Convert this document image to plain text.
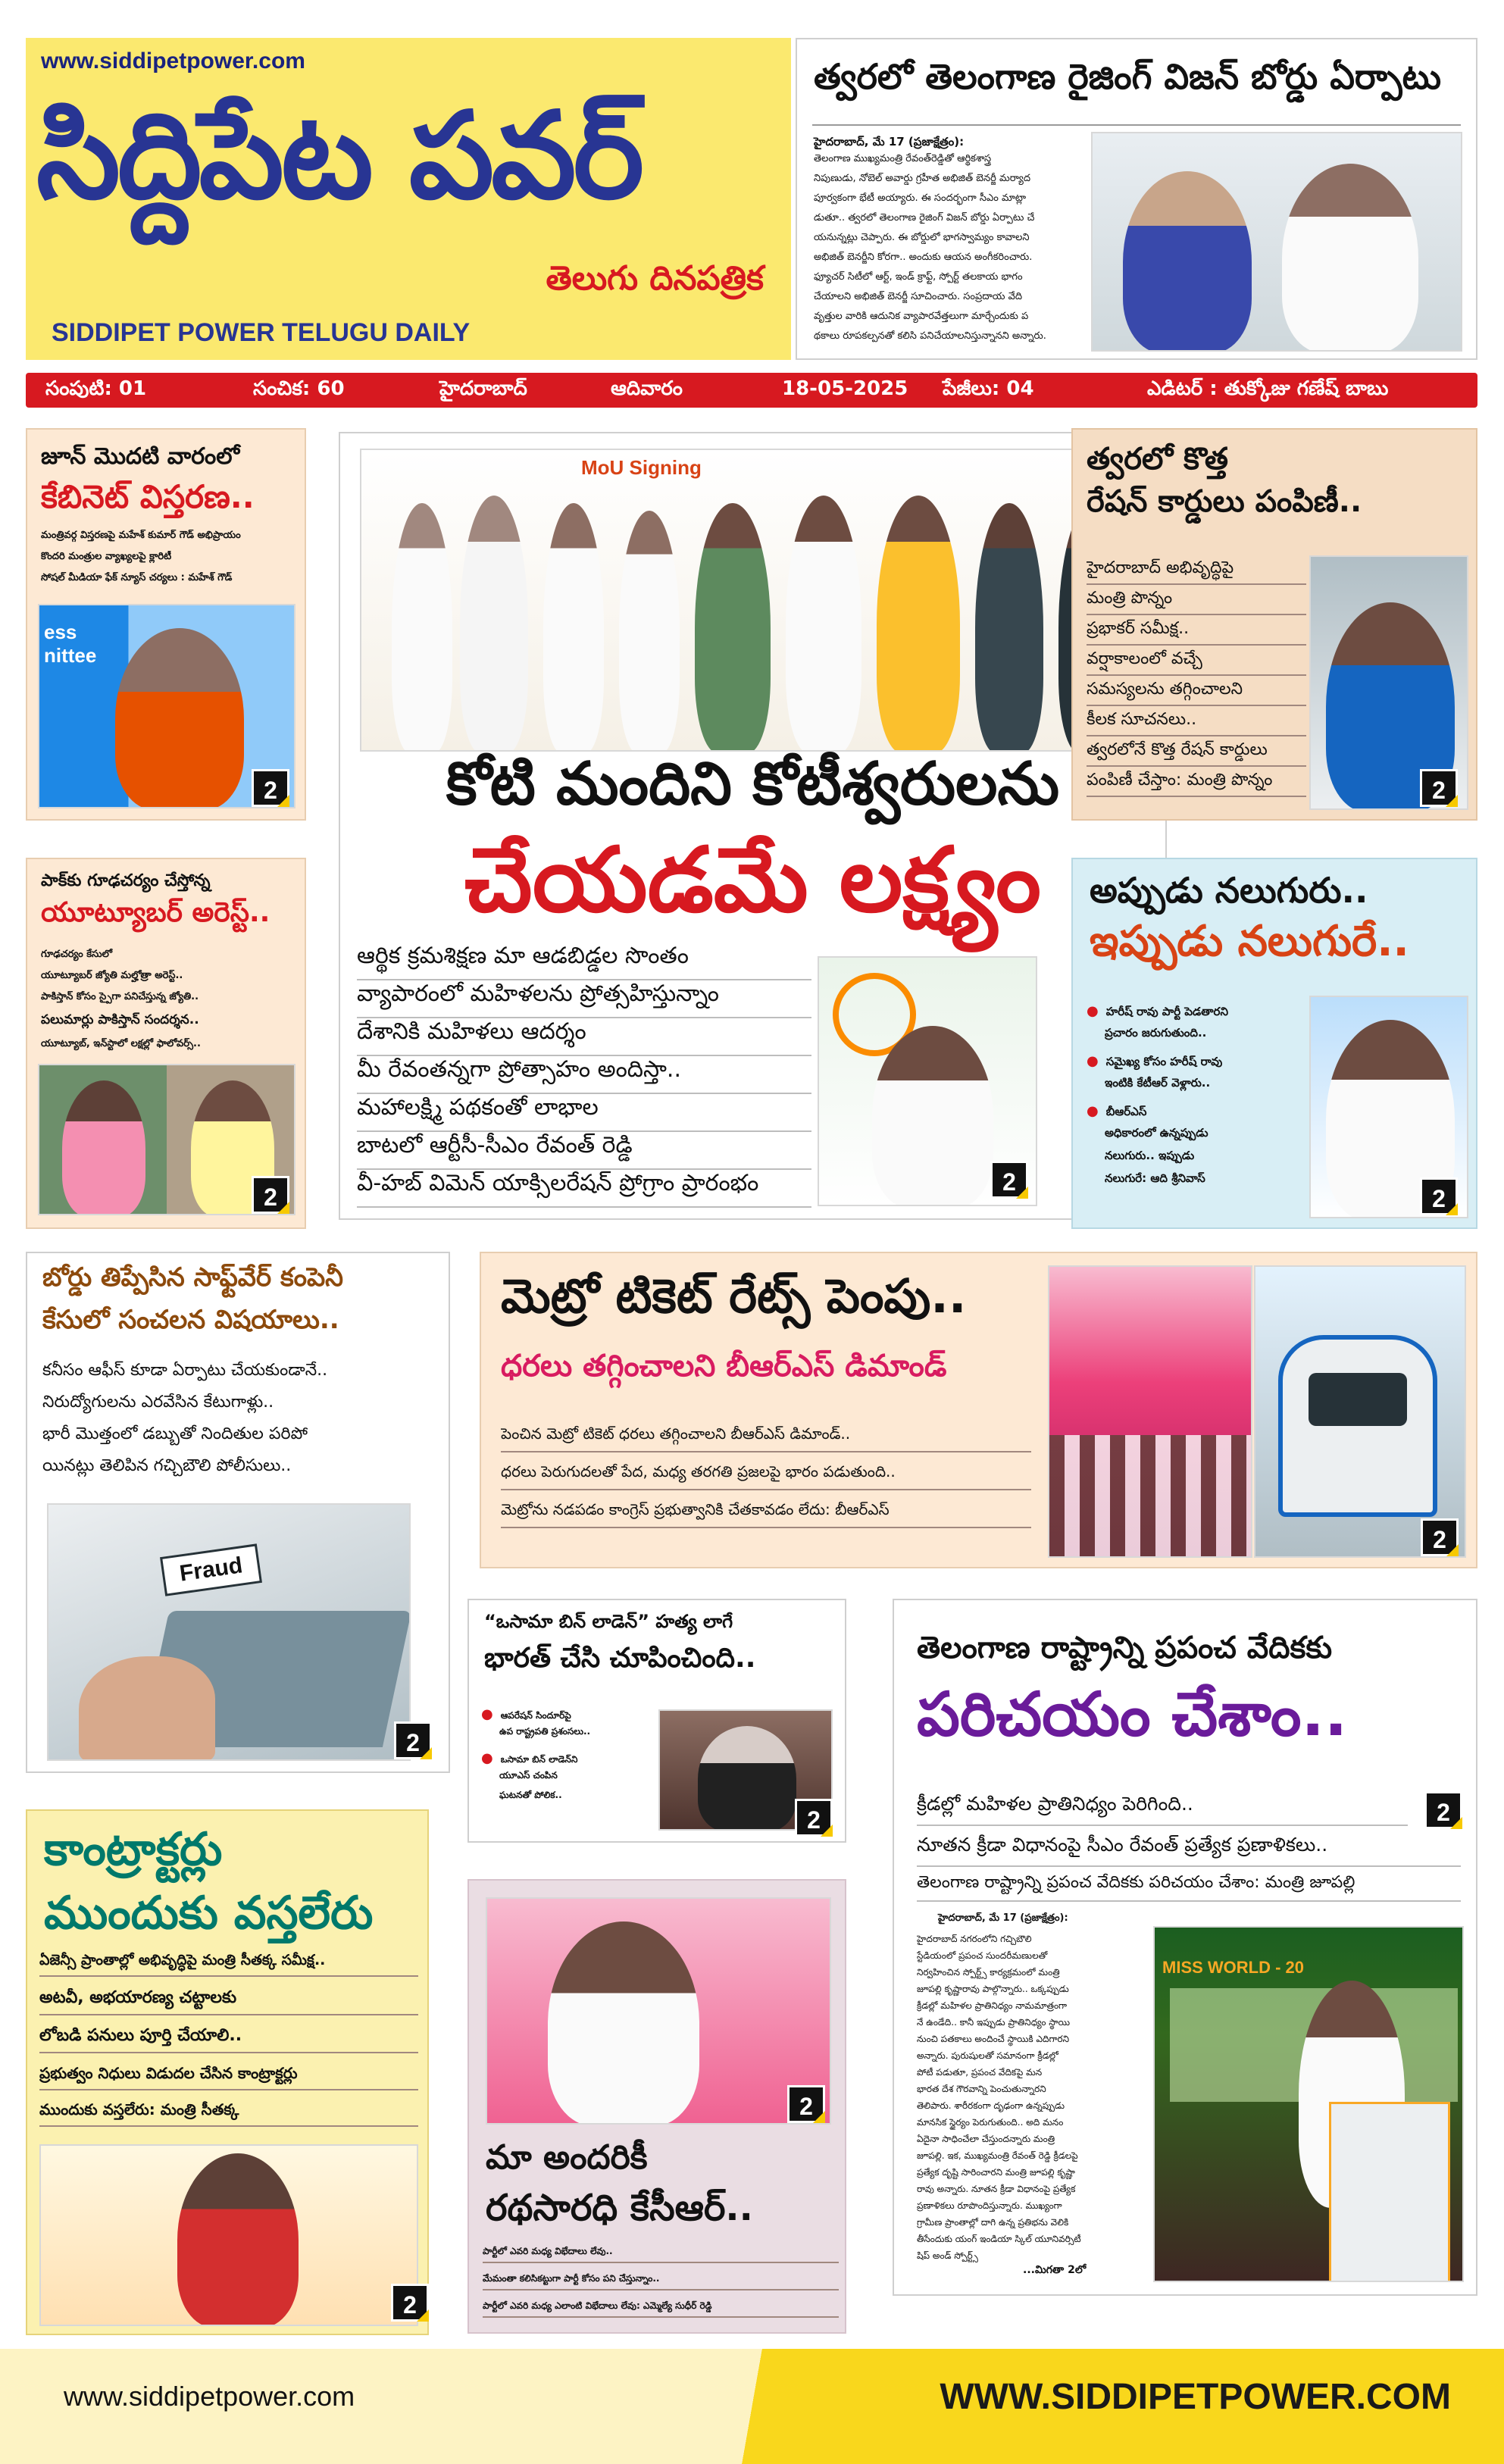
www.siddipetpower.com
సిద్దిపేట పవర్
తెలుగు దినపత్రిక
SIDDIPET POWER TELUGU DAILY
త్వరలో తెలంగాణ రైజింగ్ విజన్ బోర్డు ఏర్పాటు
హైదరాబాద్, మే 17 (ప్రజాక్షేత్రం):
తెలంగాణ ముఖ్యమంత్రి రేవంత్‌రెడ్డితో ఆర్థికశాస్త్ర
నిపుణుడు, నోబెల్ అవార్డు గ్రహీత అభిజిత్ బెనర్జీ మర్యాద
పూర్వకంగా భేటీ అయ్యారు. ఈ సందర్భంగా సీఎం మాట్లా
డుతూ.. త్వరలో తెలంగాణ రైజింగ్ విజన్ బోర్డు ఏర్పాటు చే
యనున్నట్లు చెప్పారు. ఈ బోర్డులో భాగస్వామ్యం కావాలని
అభిజిత్ బెనర్జీని కోరగా.. అందుకు ఆయన అంగీకరించారు.
ఫ్యూచర్ సిటీలో ఆర్ట్, ఇండ్ క్రాఫ్ట్, స్పోర్ట్ తలకాయ భాగం
చేయాలని అభిజిత్ బెనర్జీ సూచించారు. సంప్రదాయ వేది
వృత్తుల వారికి ఆదునిక వ్యాపారవేత్తలుగా మార్చేందుకు ప
థకాలు రూపకల్పనతో కలిసి పనిచేయాలనిస్తున్నానని అన్నారు.
సంపుటి: 01	సంచిక: 60	హైదరాబాద్	ఆదివారం	18-05-2025 పేజీలు: 04	ఎడిటర్ : తుక్కోజు గణేష్ బాబు
జూన్ మొదటి వారంలో
కేబినెట్ విస్తరణ..
మంత్రివర్గ విస్తరణపై మహేశ్ కుమార్ గౌడ్ అభిప్రాయం
కొందరి మంత్రుల వ్యాఖ్యలపై క్లారిటీ
సోషల్ మీడియా ఫేక్ న్యూస్ చర్యలు : మహేశ్ గౌడ్
ess
nittee
2
MoU Signing
కోటి మందిని కోటీశ్వరులను
చేయడమే లక్ష్యం
ఆర్థిక క్రమశిక్షణ మా ఆడబిడ్డల సొంతం
వ్యాపారంలో మహిళలను ప్రోత్సహిస్తున్నాం
దేశానికి మహిళలు ఆదర్శం
మీ రేవంతన్నగా ప్రోత్సాహం అందిస్తా..
మహాలక్ష్మి పథకంతో లాభాల
బాటలో ఆర్టీసీ-సీఎం రేవంత్ రెడ్డి
వీ-హబ్ విమెన్ యాక్సిలరేషన్ ప్రోగ్రాం ప్రారంభం	2
త్వరలో కొత్త
రేషన్ కార్డులు పంపిణీ..
హైదరాబాద్ అభివృద్ధిపై
మంత్రి పొన్నం
ప్రభాకర్ సమీక్ష..
వర్షాకాలంలో వచ్చే
సమస్యలను తగ్గించాలని
కీలక సూచనలు..
త్వరలోనే కొత్త రేషన్ కార్డులు
పంపిణీ చేస్తాం: మంత్రి పొన్నం	2
పాక్‌కు గూఢచర్యం చేస్తోన్న
యూట్యూబర్ అరెస్ట్..
గూఢచర్యం కేసులో
యూట్యూబర్ జ్యోతి మల్హోత్రా అరెస్ట్..
పాకిస్తాన్ కోసం స్పైగా పనిచేస్తున్న జ్యోతి..
పలుమార్లు పాకిస్తాన్ సందర్శన..
యూట్యూబ్, ఇన్‌స్టాలో లక్షల్లో ఫాలోవర్స్..
2
అప్పుడు నలుగురు..
ఇప్పుడు నలుగురే..
● హరీష్ రావు పార్టీ పెడతారని
ప్రచారం జరుగుతుంది..
● సమైఖ్య కోసం హరీష్ రావు
ఇంటికి కేటీఆర్ వెళ్లారు..
● బీఆర్‌ఎస్
అధికారంలో ఉన్నప్పుడు
నలుగురు.. ఇప్పుడు
నలుగురే: ఆది శ్రీనివాస్
2
బోర్డు తిప్పేసిన సాఫ్ట్‌వేర్ కంపెనీ
కేసులో సంచలన విషయాలు..
కనీసం ఆఫీస్ కూడా ఏర్పాటు చేయకుండానే..
నిరుద్యోగులను ఎరవేసిన కేటుగాళ్లు..
భారీ మొత్తంలో డబ్బుతో నిందితుల పరిపో
యినట్లు తెలిపిన గచ్చిబౌలి పోలీసులు..
Fraud
2
మెట్రో టికెట్ రేట్స్ పెంపు..
ధరలు తగ్గించాలని బీఆర్ఎస్ డిమాండ్
పెంచిన మెట్రో టికెట్ ధరలు తగ్గించాలని బీఆర్‌ఎస్ డిమాండ్..
ధరలు పెరుగుదలతో పేద, మధ్య తరగతి ప్రజలపై భారం పడుతుంది..
మెట్రోను నడపడం కాంగ్రెస్ ప్రభుత్వానికి చేతకావడం లేదు: బీఆర్ఎస్
2
“ఒసామా బిన్ లాడెన్” హత్య లాగే
భారత్ చేసి చూపించింది..
● ఆపరేషన్ సిందూర్‌పై
ఉప రాష్ట్రపతి ప్రశంసలు..
● ఒసామా బిన్ లాడెన్‌ని
యూఎస్ చంపిన
ఘటనతో పోలిక..
2
తెలంగాణ రాష్ట్రాన్ని ప్రపంచ వేదికకు
పరిచయం చేశాం..
2
క్రీడల్లో మహిళల ప్రాతినిధ్యం పెరిగింది..
నూతన క్రీడా విధానంపై సీఎం రేవంత్ ప్రత్యేక ప్రణాళికలు..
తెలంగాణ రాష్ట్రాన్ని ప్రపంచ వేదికకు పరిచయం చేశాం: మంత్రి జూపల్లి
హైదరాబాద్, మే 17 (ప్రజాక్షేత్రం):
హైదరాబాద్ నగరంలోని గచ్చిబౌలి
స్టేడియంలో ప్రపంచ సుందరీమణులతో
నిర్వహించిన స్పోర్ట్స్ కార్యక్రమంలో మంత్రి
జూపల్లి కృష్ణారావు పాల్గొన్నారు.. ఒక్కప్పుడు
క్రీడల్లో మహిళల ప్రాతినిధ్యం నామమాత్రంగా
నే ఉండేది.. కానీ ఇప్పుడు ప్రాతినిధ్యం స్థాయి
నుంచి పతకాలు అందించే స్థాయికి ఎదిగారని
అన్నారు. పురుషులతో సమానంగా క్రీడల్లో
పోటీ పడుతూ, ప్రపంచ వేదికపై మన
భారత దేశ గౌరవాన్ని పెంచుతున్నారని
తెలిపారు. శారీరకంగా దృఢంగా ఉన్నప్పుడు
మానసిక స్థైర్యం పెరుగుతుంది.. అది మనం
ఏదైనా సాధించేలా చేస్తుందన్నారు మంత్రి
జూపల్లి. ఇక, ముఖ్యమంత్రి రేవంత్ రెడ్డి క్రీడలపై
ప్రత్యేక దృష్టి సారించారని మంత్రి జూపల్లి కృష్ణా
రావు అన్నారు. నూతన క్రీడా విధానంపై ప్రత్యేక
ప్రణాళికలు రూపొందిస్తున్నారు. ముఖ్యంగా
గ్రామీణ ప్రాంతాల్లో దాగి ఉన్న ప్రతిభను వెలికి
తీసేందుకు యంగ్ ఇండియా స్కిల్ యూనివర్సిటీ
షిప్ అండ్ స్పోర్ట్స్
...మిగతా 2లో
MISS WORLD - 20
కాంట్రాక్టర్లు
ముందుకు వస్తలేరు
ఏజెన్సీ ప్రాంతాల్లో అభివృద్ధిపై మంత్రి సీతక్క సమీక్ష..
అటవీ, అభయారణ్య చట్టాలకు
లోబడి పనులు పూర్తి చేయాలి..
ప్రభుత్వం నిధులు విడుదల చేసిన కాంట్రాక్టర్లు
ముందుకు వస్తలేరు: మంత్రి సీతక్క
2
2
మా అందరికీ
రథసారధి కేసీఆర్..
పార్టీలో ఎవరి మధ్య విభేదాలు లేవు..
మేమంతా కలిసికట్టుగా పార్టీ కోసం పని చేస్తున్నాం..
పార్టీలో ఎవరి మధ్య ఎలాంటి విభేదాలు లేవు: ఎమ్మెల్యే సుధీర్ రెడ్డి
www.siddipetpower.com	WWW.SIDDIPETPOWER.COM
